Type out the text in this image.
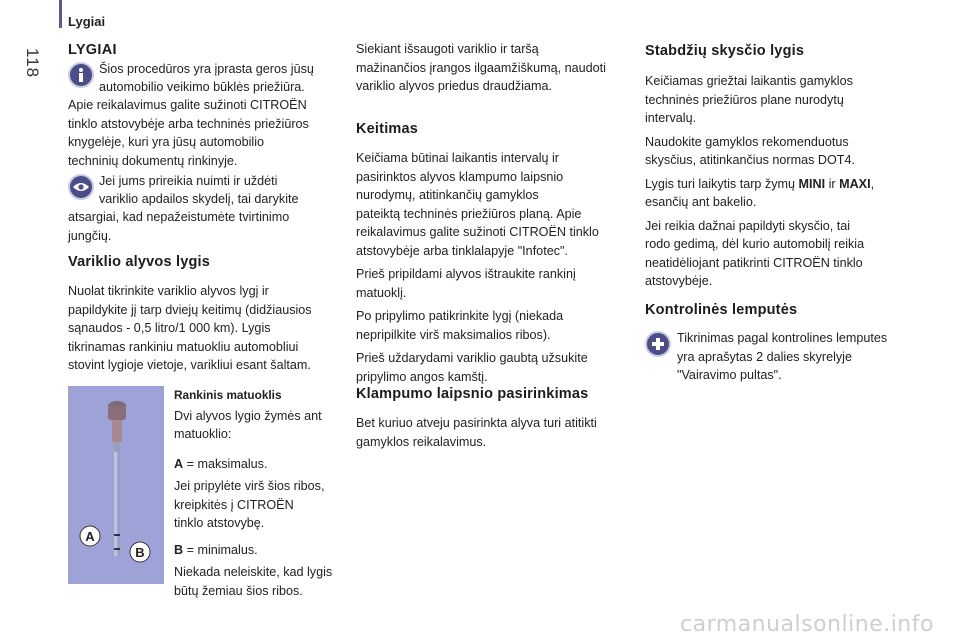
Lygiai
118 LYGIAI

Šios procedūros yra įprasta geros jūsų

automobilio veikimo būklės priežiūra.

Apie reikalavimus galite sužinoti CITROËN

tinklo atstovybėje arba techninės priežiūros

knygelėje, kuri yra jūsų automobilio

techninių dokumentų rinkinyje.

Jei jums prireikia nuimti ir uždėti

variklio apdailos skydelį, tai darykite

atsargiai, kad nepažeistumėte tvirtinimo

jungčių.

Variklio alyvos lygis

Nuolat tikrinkite variklio alyvos lygį ir

papildykite jį tarp dviejų keitimų (didžiausios

sąnaudos - 0,5 litro/1 000 km). Lygis

tikrinamas rankiniu matuokliu automobliui

stovint lygioje vietoje, varikliui esant šaltam.

A
B

Rankinis matuoklis

Dvi alyvos lygio žymės ant

matuoklio:

A = maksimalus.

Jei pripylėte virš šios ribos,

kreipkitės į CITROËN

tinklo atstovybę.

B = minimalus.

Niekada neleiskite, kad lygis

būtų žemiau šios ribos.

Siekiant išsaugoti variklio ir taršą

mažinančios įrangos ilgaamžiškumą, naudoti

variklio alyvos priedus draudžiama.

Keitimas

Keičiama būtinai laikantis intervalų ir

pasirinktos alyvos klampumo laipsnio

nurodymų, atitinkančių gamyklos

pateiktą techninės priežiūros planą. Apie

reikalavimus galite sužinoti CITROËN tinklo

atstovybėje arba tinklalapyje "Infotec".

Prieš pripildami alyvos ištraukite rankinį

matuoklį.

Po pripylimo patikrinkite lygį (niekada

nepripilkite virš maksimalios ribos).

Prieš uždarydami variklio gaubtą užsukite

pripylimo angos kamštį.

Klampumo laipsnio pasirinkimas

Bet kuriuo atveju pasirinkta alyva turi atitikti

gamyklos reikalavimus.

Stabdžių skysčio lygis

Keičiamas griežtai laikantis gamyklos

techninės priežiūros plane nurodytų

intervalų.

Naudokite gamyklos rekomenduotus

skysčius, atitinkančius normas DOT4.

Lygis turi laikytis tarp žymų MINI ir MAXI,

esančių ant bakelio.

Jei reikia dažnai papildyti skysčio, tai

rodo gedimą, dėl kurio automobilį reikia

neatidėliojant patikrinti CITROËN tinklo

atstovybėje.

Kontrolinės lemputės

Tikrinimas pagal kontrolines lemputes

yra aprašytas 2 dalies skyrelyje

"Vairavimo pultas".

carmanualsonline.info
